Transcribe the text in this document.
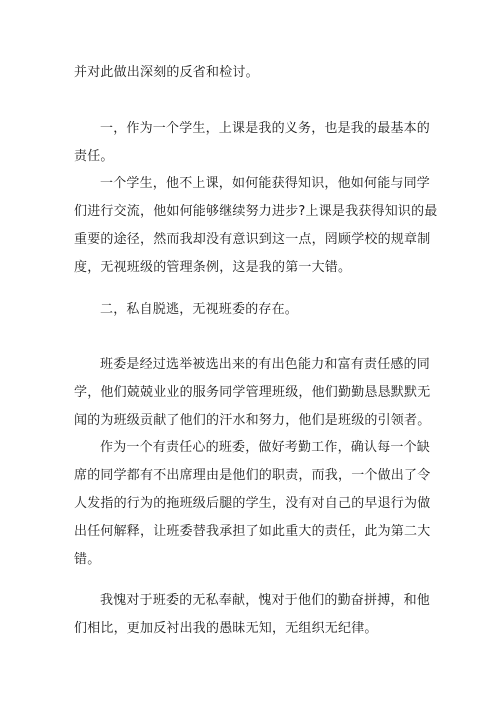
并对此做出深刻的反省和检讨。

一，作为一个学生，上课是我的义务，也是我的最基本的责任。

一个学生，他不上课，如何能获得知识，他如何能与同学们进行交流，他如何能够继续努力进步?上课是我获得知识的最重要的途径，然而我却没有意识到这一点，罔顾学校的规章制度，无视班级的管理条例，这是我的第一大错。

二，私自脱逃，无视班委的存在。

班委是经过选举被选出来的有出色能力和富有责任感的同学，他们兢兢业业的服务同学管理班级，他们勤勤恳恳默默无闻的为班级贡献了他们的汗水和努力，他们是班级的引领者。

作为一个有责任心的班委，做好考勤工作，确认每一个缺席的同学都有不出席理由是他们的职责，而我，一个做出了令人发指的行为的拖班级后腿的学生，没有对自己的早退行为做出任何解释，让班委替我承担了如此重大的责任，此为第二大错。

我愧对于班委的无私奉献，愧对于他们的勤奋拼搏，和他们相比，更加反衬出我的愚昧无知，无组织无纪律。
